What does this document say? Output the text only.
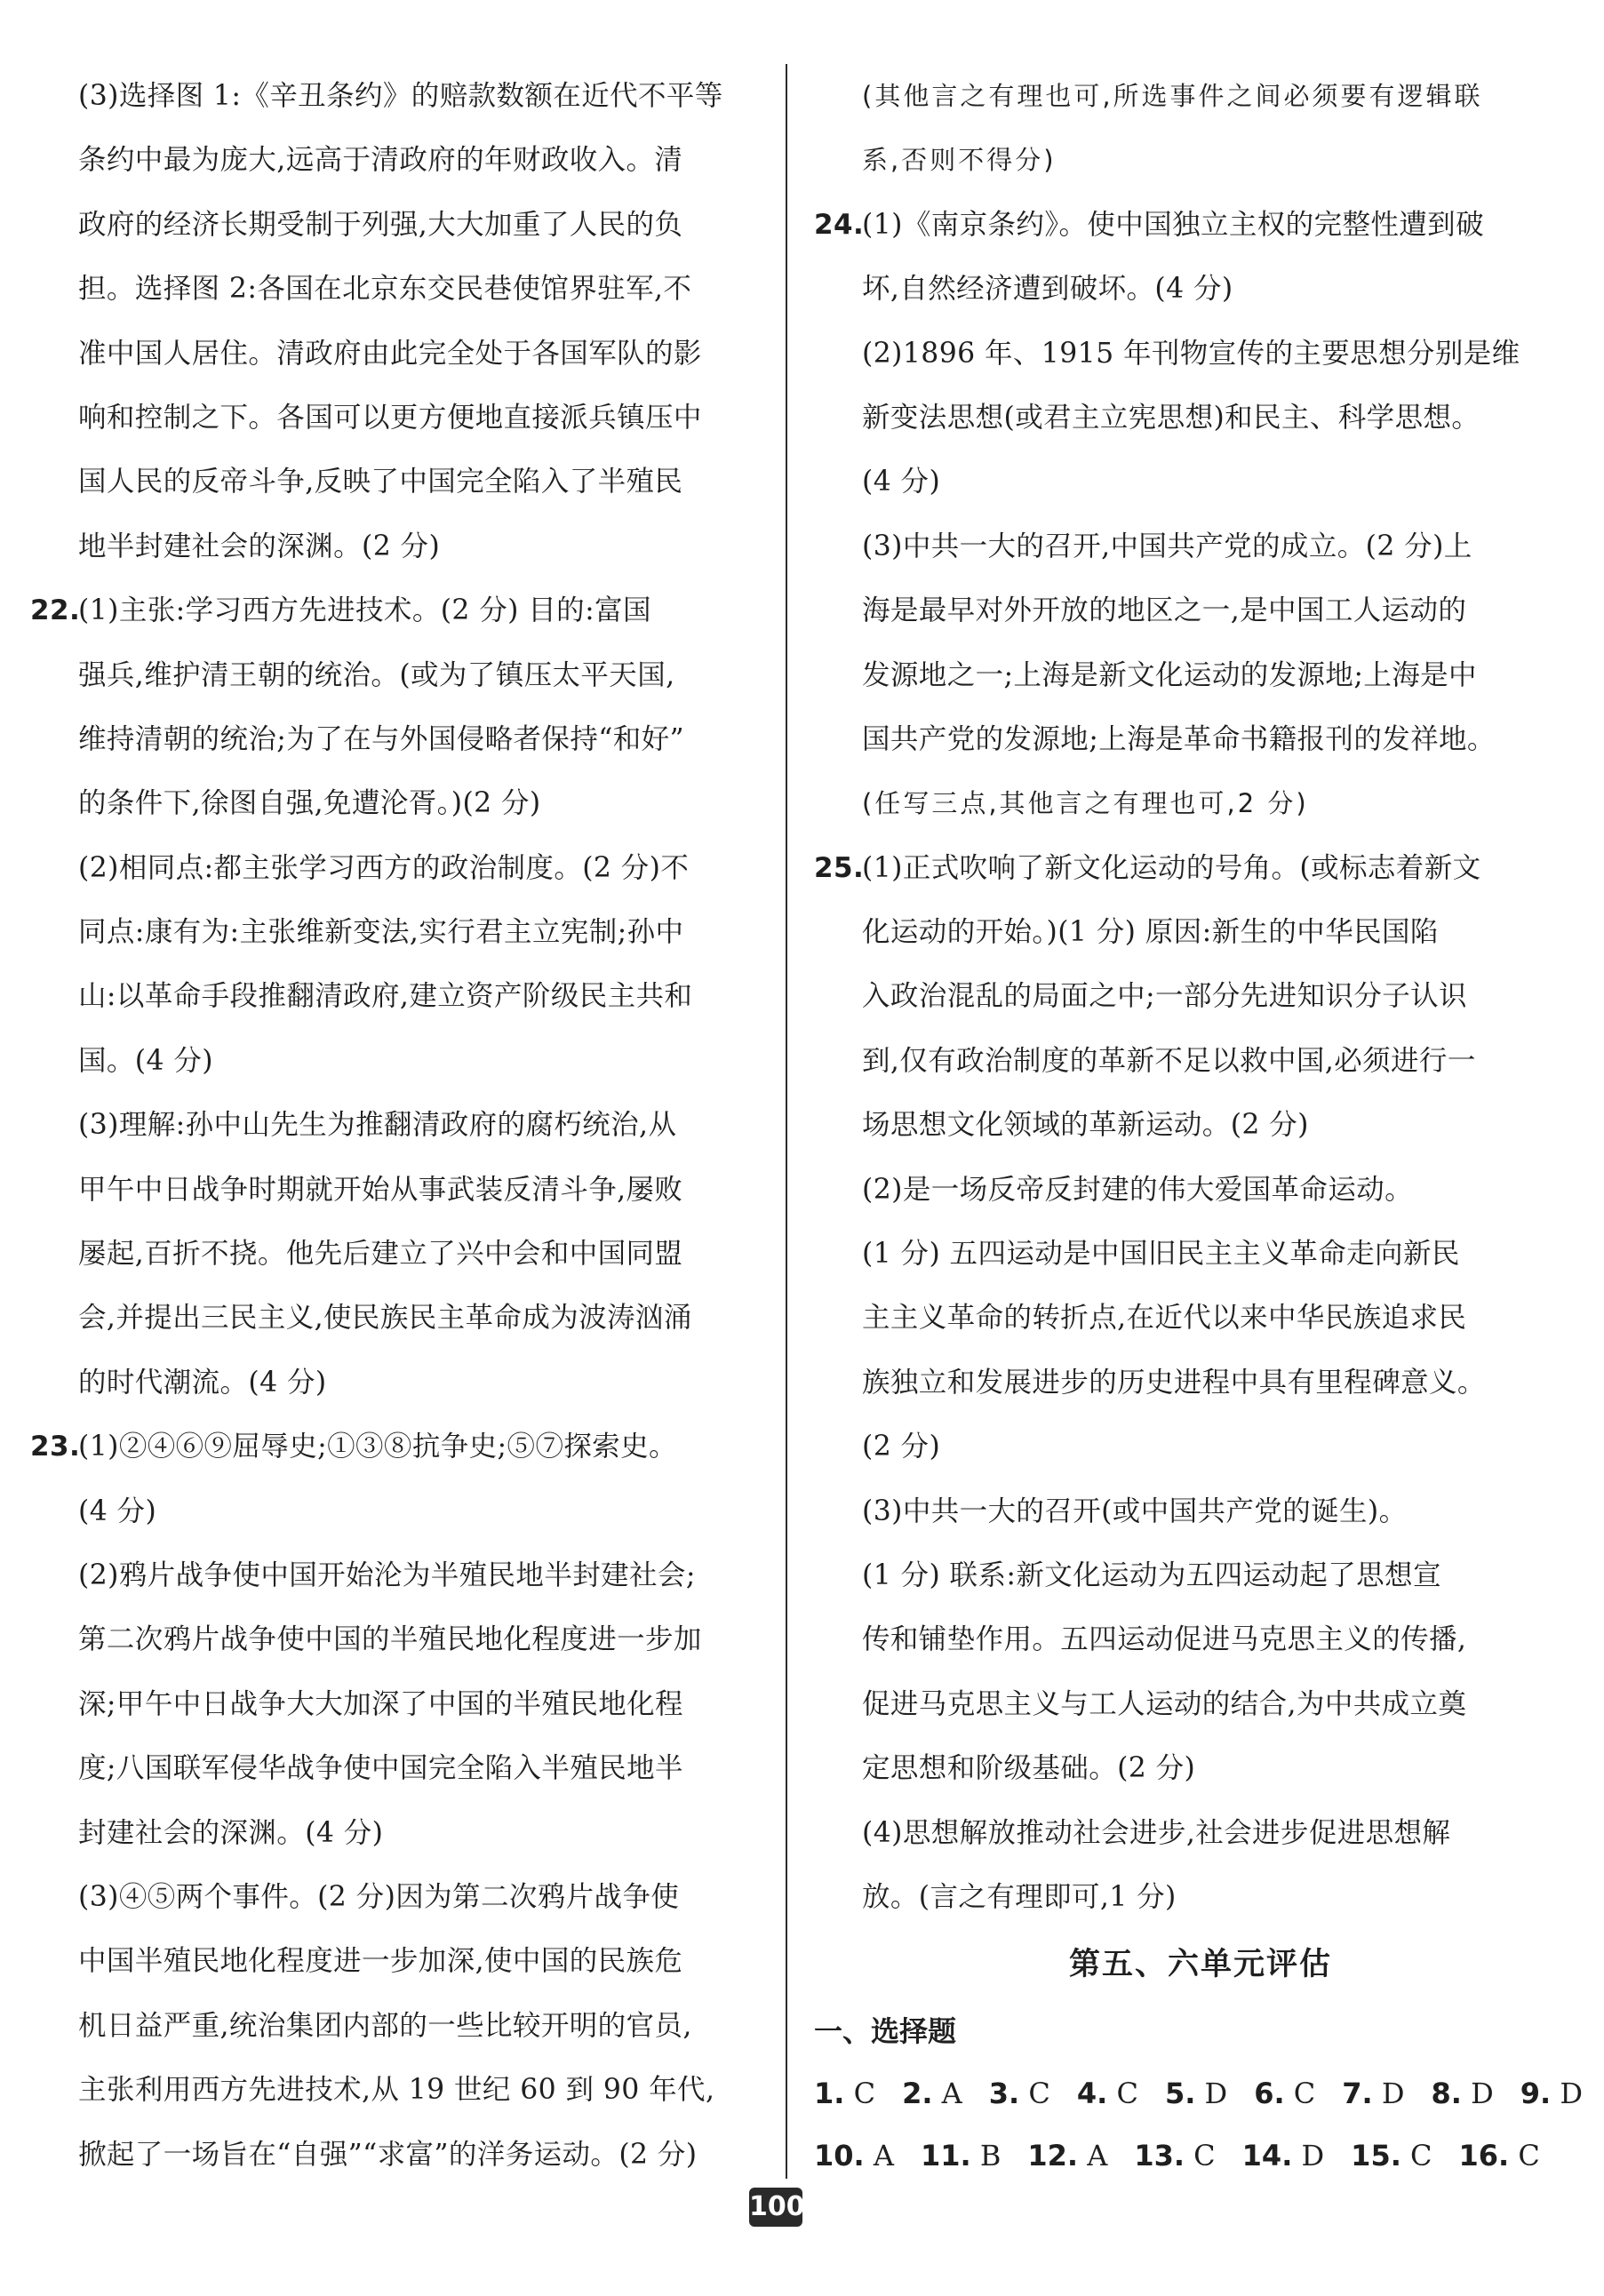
(3)选择图 1:《辛丑条约》的赔款数额在近代不平等
条约中最为庞大,远高于清政府的年财政收入。清
政府的经济长期受制于列强,大大加重了人民的负
担。选择图 2:各国在北京东交民巷使馆界驻军,不
准中国人居住。清政府由此完全处于各国军队的影
响和控制之下。各国可以更方便地直接派兵镇压中
国人民的反帝斗争,反映了中国完全陷入了半殖民
地半封建社会的深渊。(2 分)
22.(1)主张:学习西方先进技术。(2 分) 目的:富国
强兵,维护清王朝的统治。(或为了镇压太平天国,
维持清朝的统治;为了在与外国侵略者保持“和好”
的条件下,徐图自强,免遭沦胥。)(2 分)
(2)相同点:都主张学习西方的政治制度。(2 分)不
同点:康有为:主张维新变法,实行君主立宪制;孙中
山:以革命手段推翻清政府,建立资产阶级民主共和
国。(4 分)
(3)理解:孙中山先生为推翻清政府的腐朽统治,从
甲午中日战争时期就开始从事武装反清斗争,屡败
屡起,百折不挠。他先后建立了兴中会和中国同盟
会,并提出三民主义,使民族民主革命成为波涛汹涌
的时代潮流。(4 分)
23.(1)②④⑥⑨屈辱史;①③⑧抗争史;⑤⑦探索史。
(4 分)
(2)鸦片战争使中国开始沦为半殖民地半封建社会;
第二次鸦片战争使中国的半殖民地化程度进一步加
深;甲午中日战争大大加深了中国的半殖民地化程
度;八国联军侵华战争使中国完全陷入半殖民地半
封建社会的深渊。(4 分)
(3)④⑤两个事件。(2 分)因为第二次鸦片战争使
中国半殖民地化程度进一步加深,使中国的民族危
机日益严重,统治集团内部的一些比较开明的官员,
主张利用西方先进技术,从 19 世纪 60 到 90 年代,
掀起了一场旨在“自强”“求富”的洋务运动。(2 分)
(其他言之有理也可,所选事件之间必须要有逻辑联
系,否则不得分)
24.(1)《南京条约》。使中国独立主权的完整性遭到破
坏,自然经济遭到破坏。(4 分)
(2)1896 年、1915 年刊物宣传的主要思想分别是维
新变法思想(或君主立宪思想)和民主、科学思想。
(4 分)
(3)中共一大的召开,中国共产党的成立。(2 分)上
海是最早对外开放的地区之一,是中国工人运动的
发源地之一;上海是新文化运动的发源地;上海是中
国共产党的发源地;上海是革命书籍报刊的发祥地。
(任写三点,其他言之有理也可,2 分)
25.(1)正式吹响了新文化运动的号角。(或标志着新文
化运动的开始。)(1 分) 原因:新生的中华民国陷
入政治混乱的局面之中;一部分先进知识分子认识
到,仅有政治制度的革新不足以救中国,必须进行一
场思想文化领域的革新运动。(2 分)
(2)是一场反帝反封建的伟大爱国革命运动。
(1 分) 五四运动是中国旧民主主义革命走向新民
主主义革命的转折点,在近代以来中华民族追求民
族独立和发展进步的历史进程中具有里程碑意义。
(2 分)
(3)中共一大的召开(或中国共产党的诞生)。
(1 分) 联系:新文化运动为五四运动起了思想宣
传和铺垫作用。五四运动促进马克思主义的传播,
促进马克思主义与工人运动的结合,为中共成立奠
定思想和阶级基础。(2 分)
(4)思想解放推动社会进步,社会进步促进思想解
放。(言之有理即可,1 分)
第五、六单元评估
一、选择题
1. C 2. A 3. C 4. C 5. D 6. C 7. D 8. D 9. D
10. A 11. B 12. A 13. C 14. D 15. C 16. C
100
